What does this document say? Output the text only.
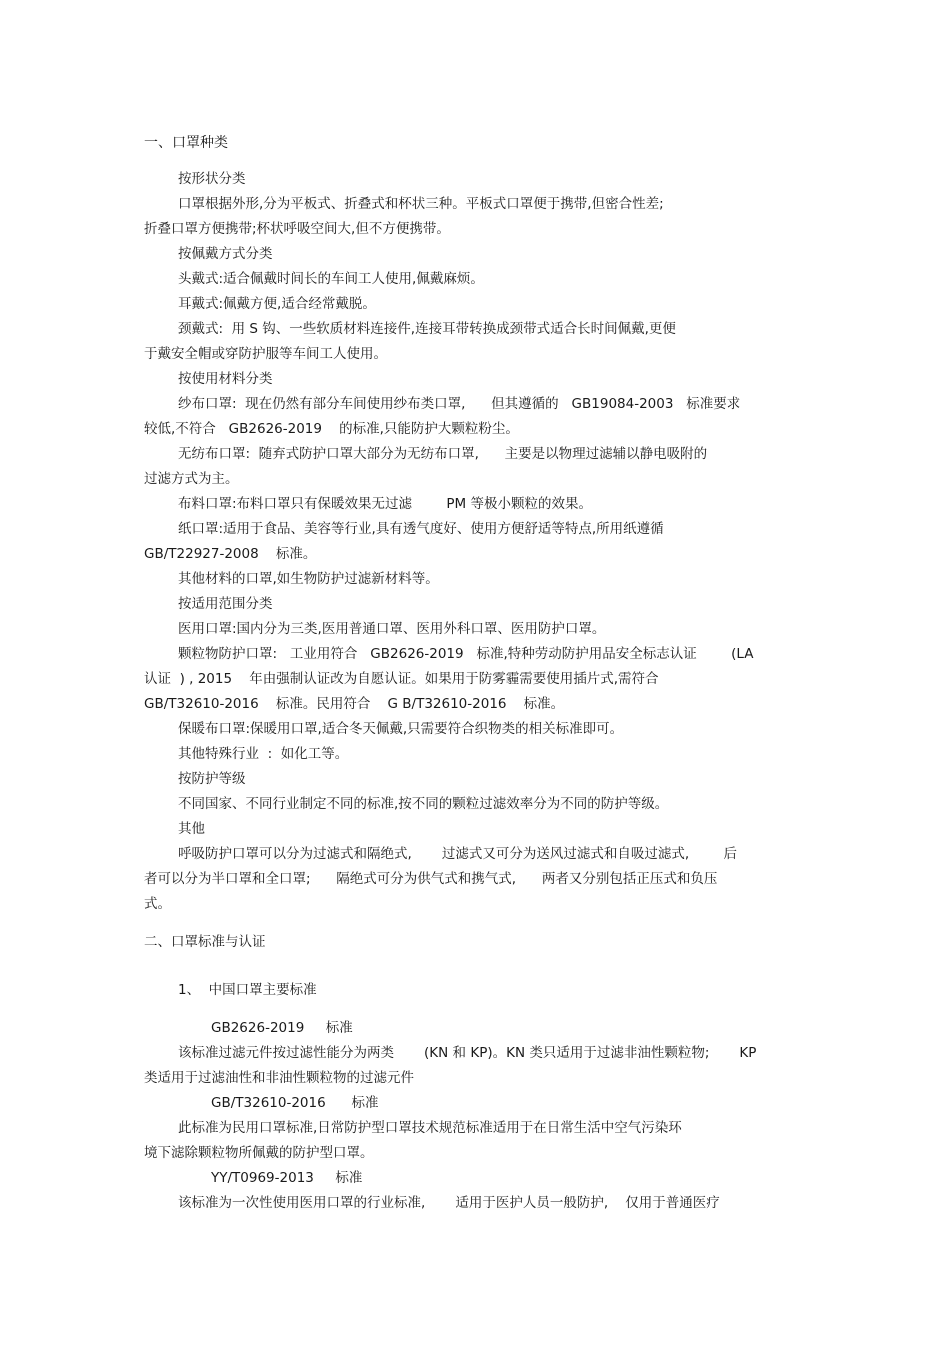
一、口罩种类
按形状分类
口罩根据外形,分为平板式、折叠式和杯状三种。平板式口罩便于携带,但密合性差;
折叠口罩方便携带;杯状呼吸空间大,但不方便携带。
按佩戴方式分类
头戴式:适合佩戴时间长的车间工人使用,佩戴麻烦。
耳戴式:佩戴方便,适合经常戴脱。
颈戴式:  用 S 钩、一些软质材料连接件,连接耳带转换成颈带式适合长时间佩戴,更便
于戴安全帽或穿防护服等车间工人使用。
按使用材料分类
纱布口罩:  现在仍然有部分车间使用纱布类口罩,      但其遵循的   GB19084-2003   标准要求
较低,不符合   GB2626-2019    的标准,只能防护大颗粒粉尘。
无纺布口罩:  随弃式防护口罩大部分为无纺布口罩,      主要是以物理过滤辅以静电吸附的
过滤方式为主。
布料口罩:布料口罩只有保暖效果无过滤        PM 等极小颗粒的效果。
纸口罩:适用于食品、美容等行业,具有透气度好、使用方便舒适等特点,所用纸遵循
GB/T22927-2008    标准。
其他材料的口罩,如生物防护过滤新材料等。
按适用范围分类
医用口罩:国内分为三类,医用普通口罩、医用外科口罩、医用防护口罩。
颗粒物防护口罩:   工业用符合   GB2626-2019   标准,特种劳动防护用品安全标志认证        (LA
认证  ) , 2015    年由强制认证改为自愿认证。如果用于防雾霾需要使用插片式,需符合
GB/T32610-2016    标准。民用符合    G B/T32610-2016    标准。
保暖布口罩:保暖用口罩,适合冬天佩戴,只需要符合织物类的相关标准即可。
其他特殊行业  :  如化工等。
按防护等级
不同国家、不同行业制定不同的标准,按不同的颗粒过滤效率分为不同的防护等级。
其他
呼吸防护口罩可以分为过滤式和隔绝式,       过滤式又可分为送风过滤式和自吸过滤式,        后
者可以分为半口罩和全口罩;      隔绝式可分为供气式和携气式,      两者又分别包括正压式和负压
式。
二、口罩标准与认证
1、  中国口罩主要标准
GB2626-2019     标准
该标准过滤元件按过滤性能分为两类       (KN 和 KP)。KN 类只适用于过滤非油性颗粒物;       KP
类适用于过滤油性和非油性颗粒物的过滤元件
GB/T32610-2016      标准
此标准为民用口罩标准,日常防护型口罩技术规范标准适用于在日常生活中空气污染环
境下滤除颗粒物所佩戴的防护型口罩。
YY/T0969-2013     标准
该标准为一次性使用医用口罩的行业标准,       适用于医护人员一般防护,    仅用于普通医疗
